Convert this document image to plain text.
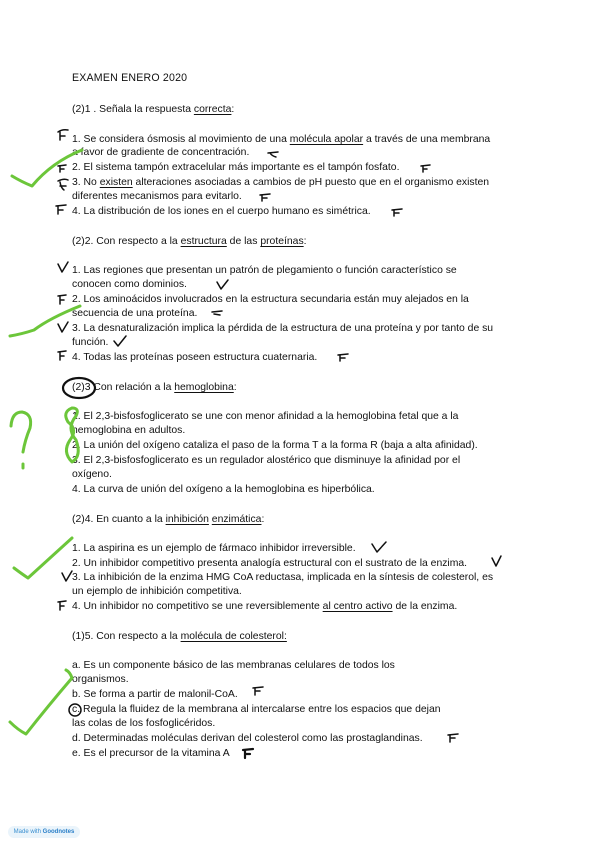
EXAMEN ENERO 2020
(2)1 . Señala la respuesta correcta:
1. Se considera ósmosis al movimiento de una molécula apolar a través de una membrana
a favor de gradiente de concentración.
2. El sistema tampón extracelular más importante es el tampón fosfato.
3. No existen alteraciones asociadas a cambios de pH puesto que en el organismo existen
diferentes mecanismos para evitarlo.
4. La distribución de los iones en el cuerpo humano es simétrica.
(2)2. Con respecto a la estructura de las proteínas:
1. Las regiones que presentan un patrón de plegamiento o función característico se
conocen como dominios.
2. Los aminoácidos involucrados en la estructura secundaria están muy alejados en la
secuencia de una proteína.
3. La desnaturalización implica la pérdida de la estructura de una proteína y por tanto de su
función.
4. Todas las proteínas poseen estructura cuaternaria.
(2)3 Con relación a la hemoglobina:
1. El 2,3-bisfosfoglicerato se une con menor afinidad a la hemoglobina fetal que a la
hemoglobina en adultos.
2. La unión del oxígeno cataliza el paso de la forma T a la forma R (baja a alta afinidad).
3. El 2,3-bisfosfoglicerato es un regulador alostérico que disminuye la afinidad por el
oxígeno.
4. La curva de unión del oxígeno a la hemoglobina es hiperbólica.
(2)4. En cuanto a la inhibición enzimática:
1. La aspirina es un ejemplo de fármaco inhibidor irreversible.
2. Un inhibidor competitivo presenta analogía estructural con el sustrato de la enzima.
3. La inhibición de la enzima HMG CoA reductasa, implicada en la síntesis de colesterol, es
un ejemplo de inhibición competitiva.
4. Un inhibidor no competitivo se une reversiblemente al centro activo de la enzima.
(1)5. Con respecto a la molécula de colesterol:
a. Es un componente básico de las membranas celulares de todos los
organismos.
b. Se forma a partir de malonil-CoA.
c. Regula la fluidez de la membrana al intercalarse entre los espacios que dejan
las colas de los fosfoglicéridos.
d. Determinadas moléculas derivan del colesterol como las prostaglandinas.
e. Es el precursor de la vitamina A
Made with Goodnotes
